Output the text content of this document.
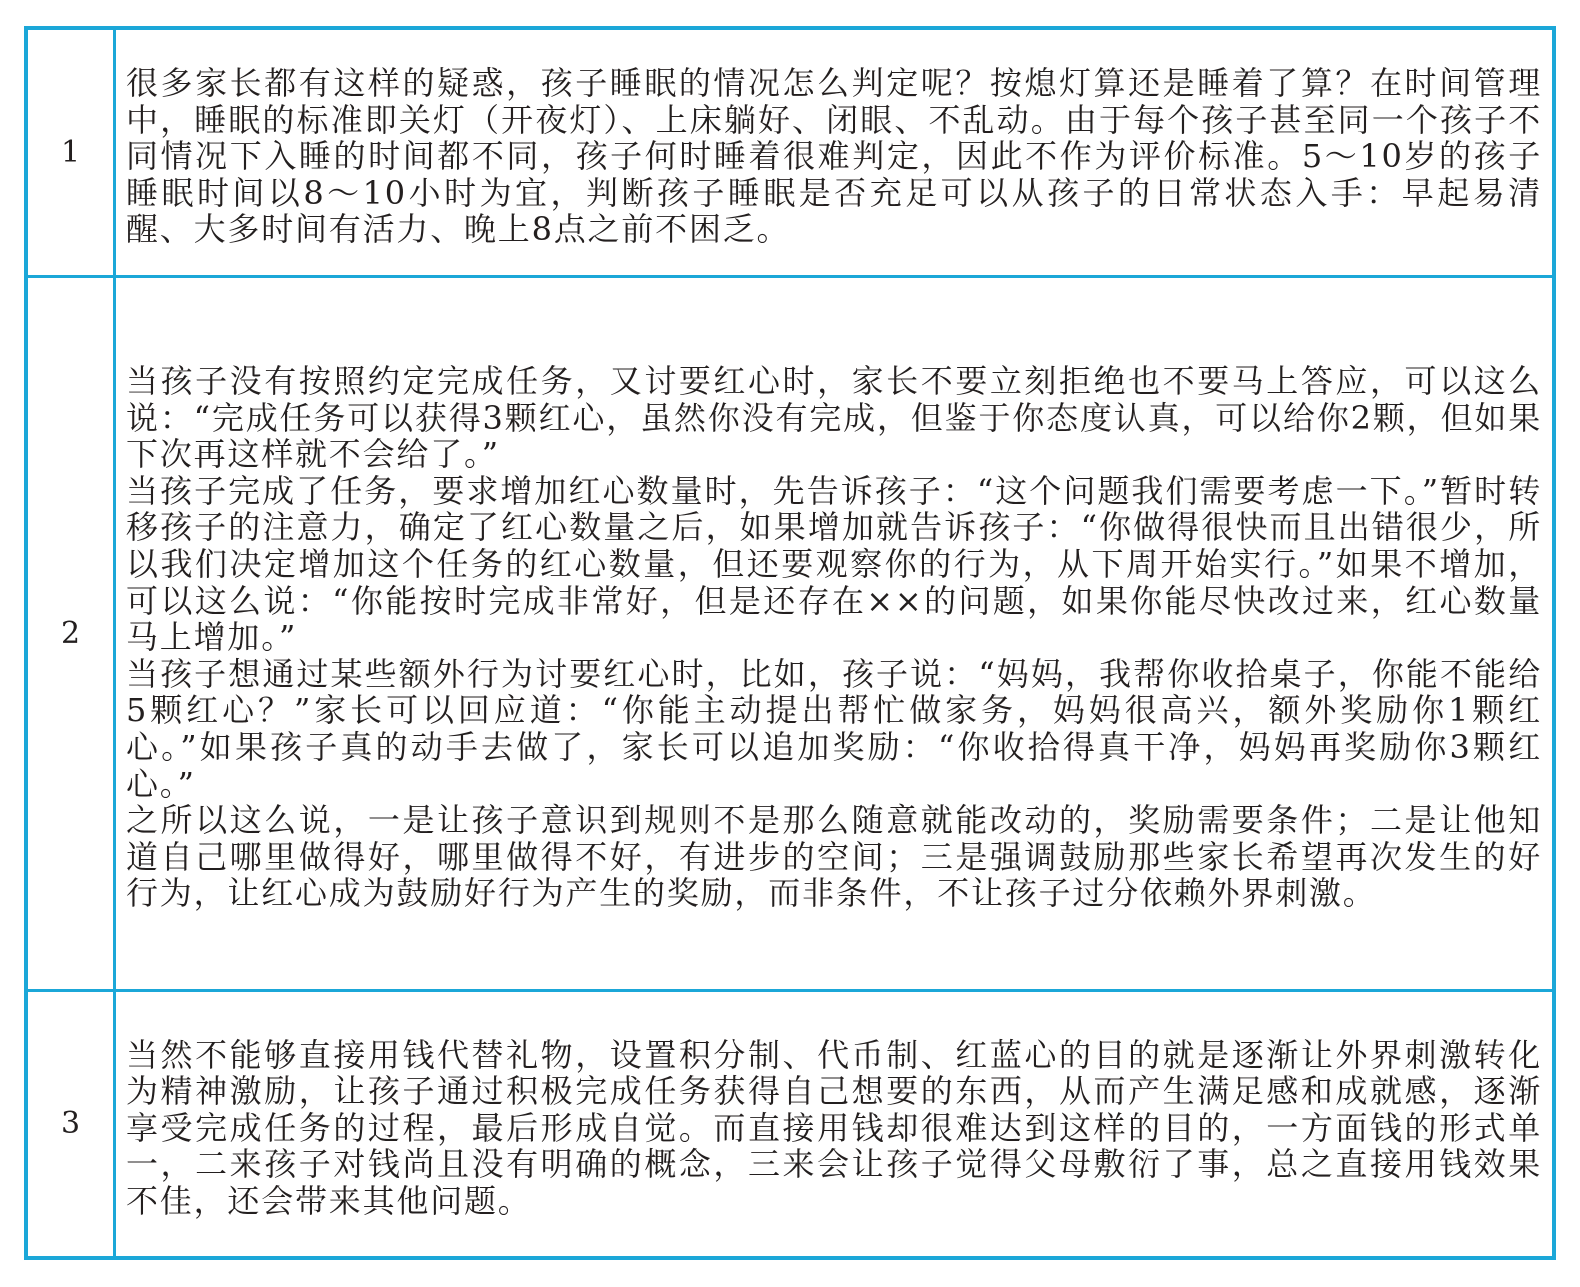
1

很多家长都有这样的疑惑，孩子睡眠的情况怎么判定呢？按熄灯算还是睡着了算？在时间管理中，睡眠的标准即关灯（开夜灯）、上床躺好、闭眼、不乱动。由于每个孩子甚至同一个孩子不同情况下入睡的时间都不同，孩子何时睡着很难判定，因此不作为评价标准。5～10岁的孩子睡眠时间以8～10小时为宜，判断孩子睡眠是否充足可以从孩子的日常状态入手：早起易清醒、大多时间有活力、晚上8点之前不困乏。

2

当孩子没有按照约定完成任务，又讨要红心时，家长不要立刻拒绝也不要马上答应，可以这么说：“完成任务可以获得3颗红心，虽然你没有完成，但鉴于你态度认真，可以给你2颗，但如果下次再这样就不会给了。”

当孩子完成了任务，要求增加红心数量时，先告诉孩子：“这个问题我们需要考虑一下。”暂时转移孩子的注意力，确定了红心数量之后，如果增加就告诉孩子：“你做得很快而且出错很少，所以我们决定增加这个任务的红心数量，但还要观察你的行为，从下周开始实行。”如果不增加，可以这么说：“你能按时完成非常好，但是还存在××的问题，如果你能尽快改过来，红心数量马上增加。”

当孩子想通过某些额外行为讨要红心时，比如，孩子说：“妈妈，我帮你收拾桌子，你能不能给5颗红心？”家长可以回应道：“你能主动提出帮忙做家务，妈妈很高兴，额外奖励你1颗红心。”如果孩子真的动手去做了，家长可以追加奖励：“你收拾得真干净，妈妈再奖励你3颗红心。”

之所以这么说，一是让孩子意识到规则不是那么随意就能改动的，奖励需要条件；二是让他知道自己哪里做得好，哪里做得不好，有进步的空间；三是强调鼓励那些家长希望再次发生的好行为，让红心成为鼓励好行为产生的奖励，而非条件，不让孩子过分依赖外界刺激。

3

当然不能够直接用钱代替礼物，设置积分制、代币制、红蓝心的目的就是逐渐让外界刺激转化为精神激励，让孩子通过积极完成任务获得自己想要的东西，从而产生满足感和成就感，逐渐享受完成任务的过程，最后形成自觉。而直接用钱却很难达到这样的目的，一方面钱的形式单一，二来孩子对钱尚且没有明确的概念，三来会让孩子觉得父母敷衍了事，总之直接用钱效果不佳，还会带来其他问题。
